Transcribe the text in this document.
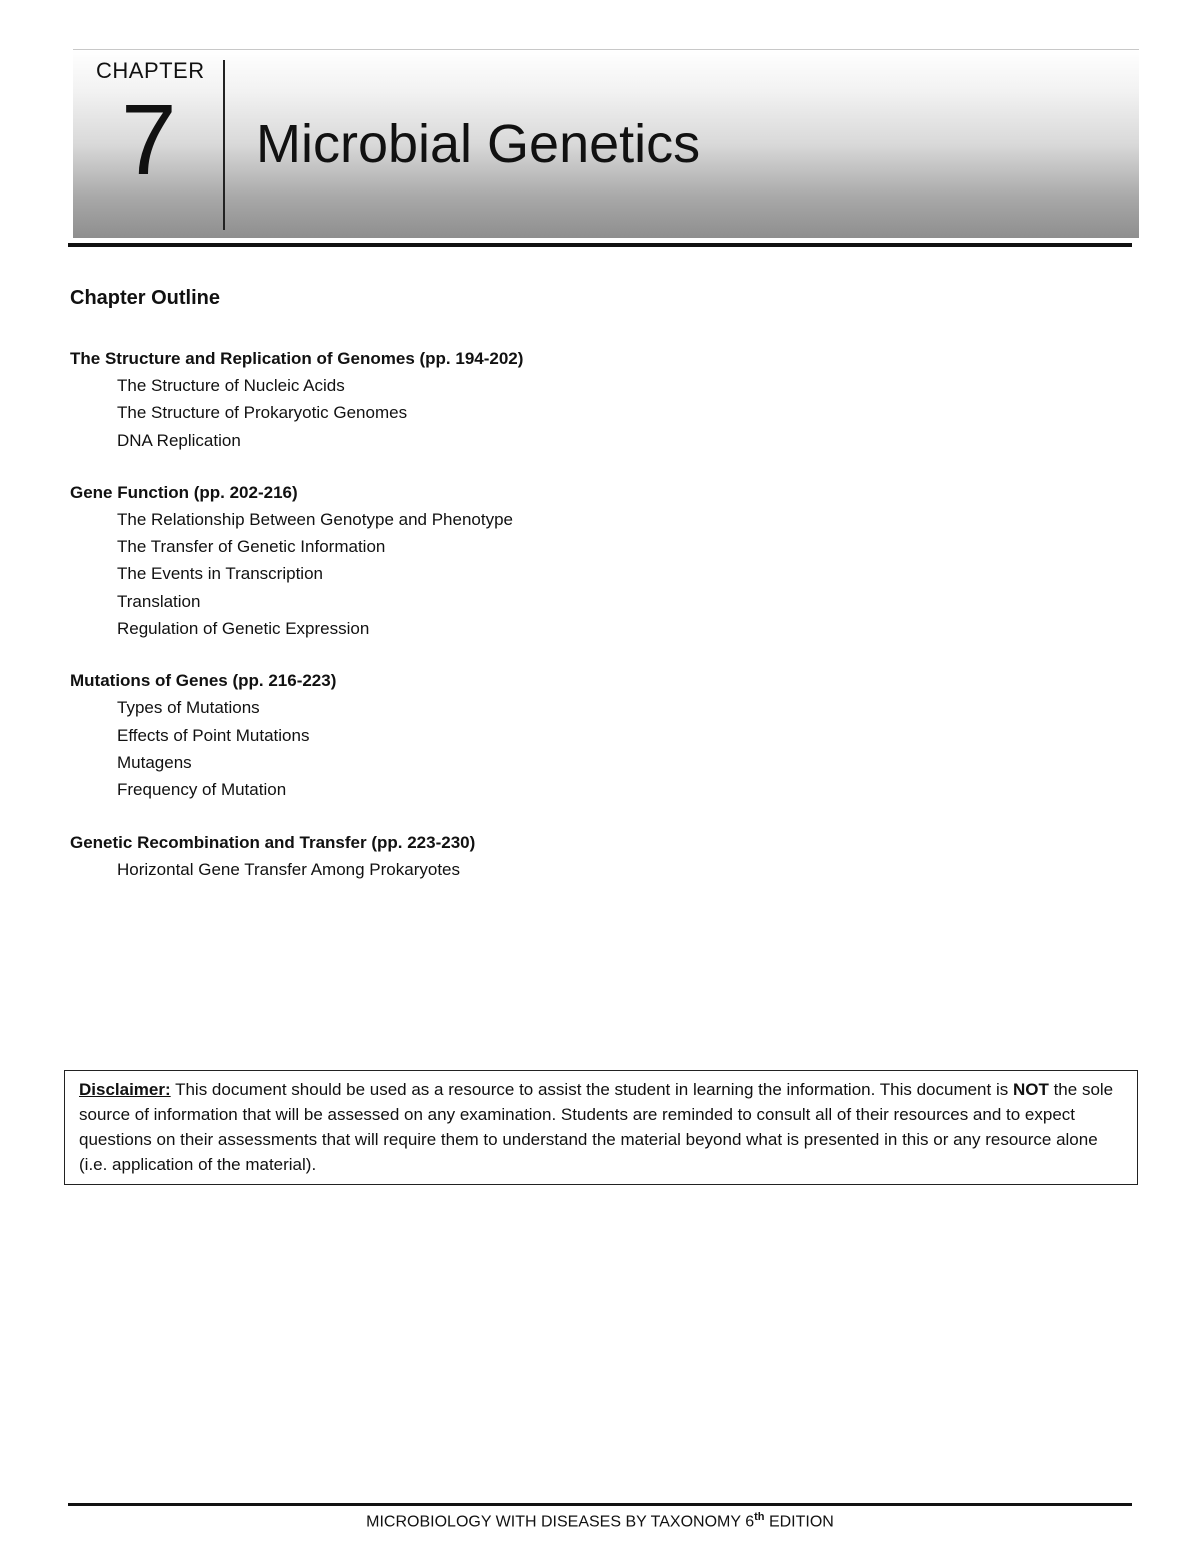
CHAPTER
7 Microbial Genetics
Chapter Outline
The Structure and Replication of Genomes (pp. 194-202)
The Structure of Nucleic Acids
The Structure of Prokaryotic Genomes
DNA Replication
Gene Function (pp. 202-216)
The Relationship Between Genotype and Phenotype
The Transfer of Genetic Information
The Events in Transcription
Translation
Regulation of Genetic Expression
Mutations of Genes (pp. 216-223)
Types of Mutations
Effects of Point Mutations
Mutagens
Frequency of Mutation
Genetic Recombination and Transfer (pp. 223-230)
Horizontal Gene Transfer Among Prokaryotes
Disclaimer: This document should be used as a resource to assist the student in learning the information. This document is NOT the sole source of information that will be assessed on any examination. Students are reminded to consult all of their resources and to expect questions on their assessments that will require them to understand the material beyond what is presented in this or any resource alone (i.e. application of the material).
MICROBIOLOGY WITH DISEASES BY TAXONOMY 6th EDITION
